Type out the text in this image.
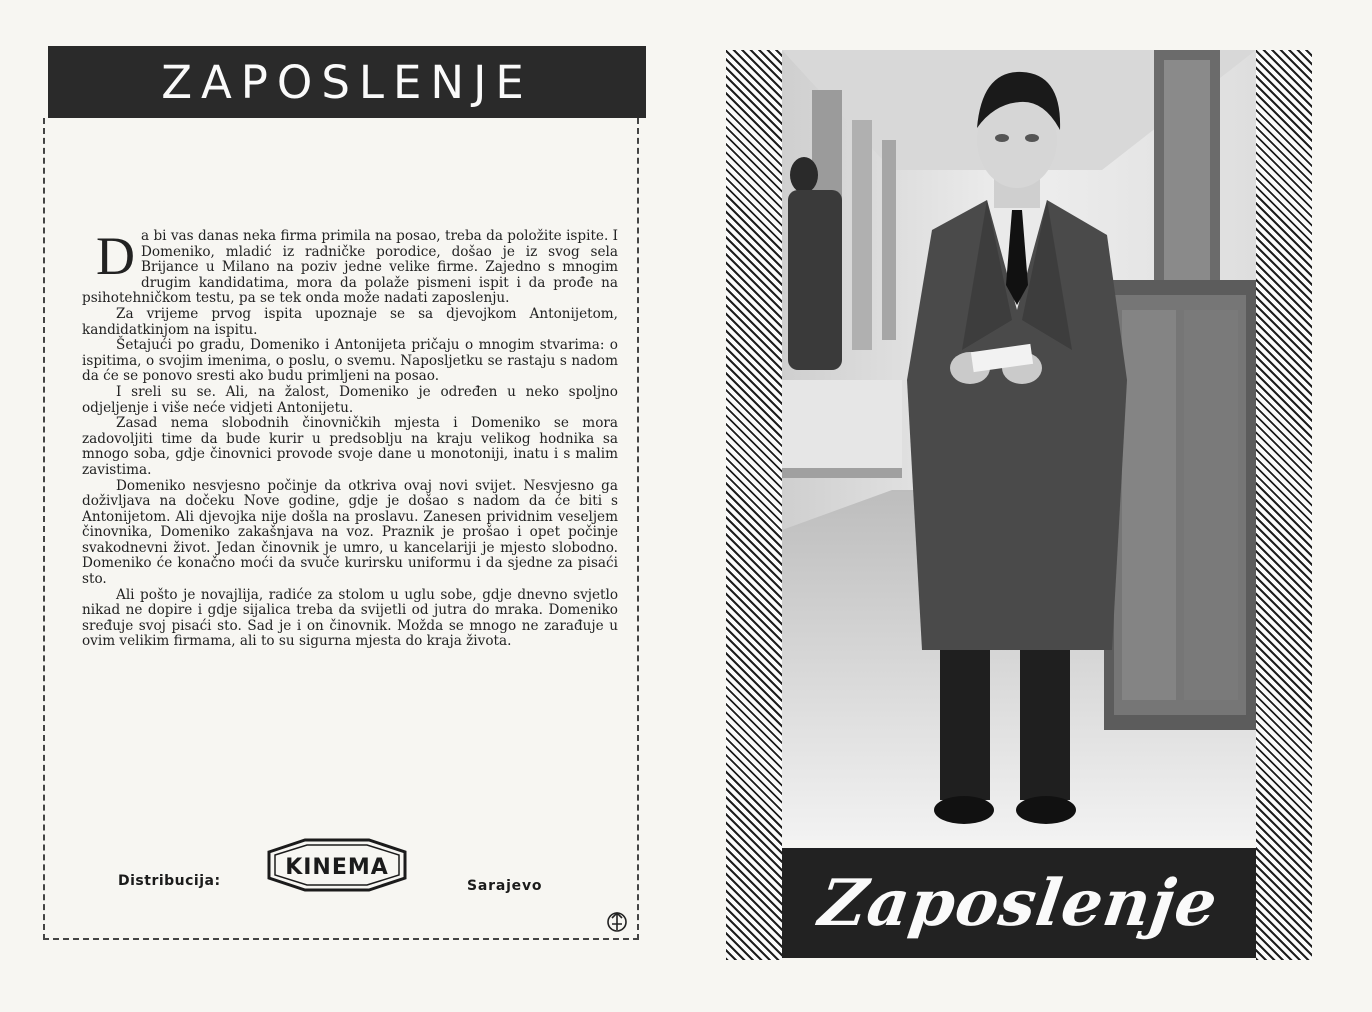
ZAPOSLENJE

Da bi vas danas neka firma primila na posao, treba da položite ispite. I Domeniko, mladić iz radničke porodice, došao je iz svog sela Brijance u Milano na poziv jedne velike firme. Zajedno s mnogim drugim kandidatima, mora da polaže pismeni ispit i da prođe na psihotehničkom testu, pa se tek onda može nadati zaposlenju.

Za vrijeme prvog ispita upoznaje se sa djevojkom Antonijetom, kandidatkinjom na ispitu.

Šetajući po gradu, Domeniko i Antonijeta pričaju o mnogim stvarima: o ispitima, o svojim imenima, o poslu, o svemu. Naposljetku se rastaju s nadom da će se ponovo sresti ako budu primljeni na posao.

I sreli su se. Ali, na žalost, Domeniko je određen u neko spoljno odjeljenje i više neće vidjeti Antonijetu.

Zasad nema slobodnih činovničkih mjesta i Domeniko se mora zadovoljiti time da bude kurir u predsoblju na kraju velikog hodnika sa mnogo soba, gdje činovnici provode svoje dane u monotoniji, inatu i s malim zavistima.

Domeniko nesvjesno počinje da otkriva ovaj novi svijet. Nesvjesno ga doživljava na dočeku Nove godine, gdje je došao s nadom da će biti s Antonijetom. Ali djevojka nije došla na proslavu. Zanesen prividnim veseljem činovnika, Domeniko zakašnjava na voz. Praznik je prošao i opet počinje svakodnevni život. Jedan činovnik je umro, u kancelariji je mjesto slobodno. Domeniko će konačno moći da svuče kurirsku uniformu i da sjedne za pisaći sto.

Ali pošto je novajlija, radiće za stolom u uglu sobe, gdje dnevno svjetlo nikad ne dopire i gdje sijalica treba da svijetli od jutra do mraka. Domeniko sređuje svoj pisaći sto. Sad je i on činovnik. Možda se mnogo ne zarađuje u ovim velikim firmama, ali to su sigurna mjesta do kraja života.

Distribucija:
KINEMA
Sarajevo	Zaposlenje
